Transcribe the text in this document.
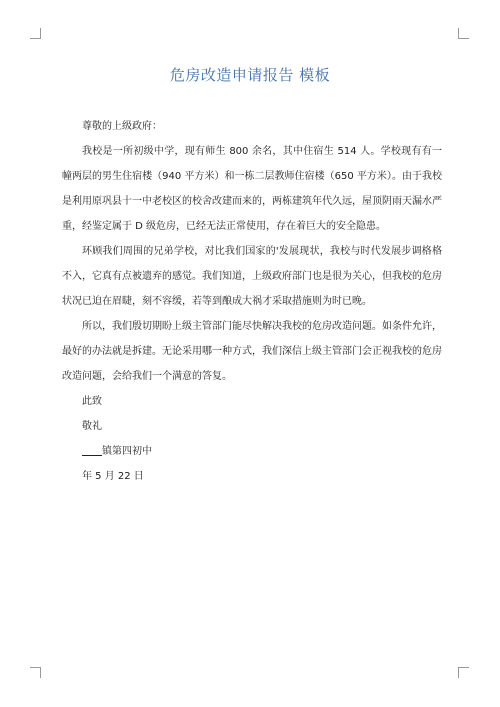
危房改造申请报告 模板

尊敬的上级政府：

我校是一所初级中学，现有师生 800 余名，其中住宿生 514 人。学校现有有一幢两层的男生住宿楼（940 平方米）和一栋二层教师住宿楼（650 平方米）。由于我校是利用原巩县十一中老校区的校舍改建而来的，两栋建筑年代久远，屋顶阴雨天漏水严重，经鉴定属于 D 级危房，已经无法正常使用，存在着巨大的安全隐患。

环顾我们周围的兄弟学校，对比我们国家的'发展现状，我校与时代发展步调格格不入，它真有点被遗弃的感觉。我们知道，上级政府部门也是很为关心，但我校的危房状况已迫在眉睫，刻不容缓，若等到酿成大祸才采取措施则为时已晚。

所以，我们殷切期盼上级主管部门能尽快解决我校的危房改造问题。如条件允许，最好的办法就是拆建。无论采用哪一种方式，我们深信上级主管部门会正视我校的危房改造问题，会给我们一个满意的答复。

此致

敬礼

镇第四初中

年 5 月 22 日
